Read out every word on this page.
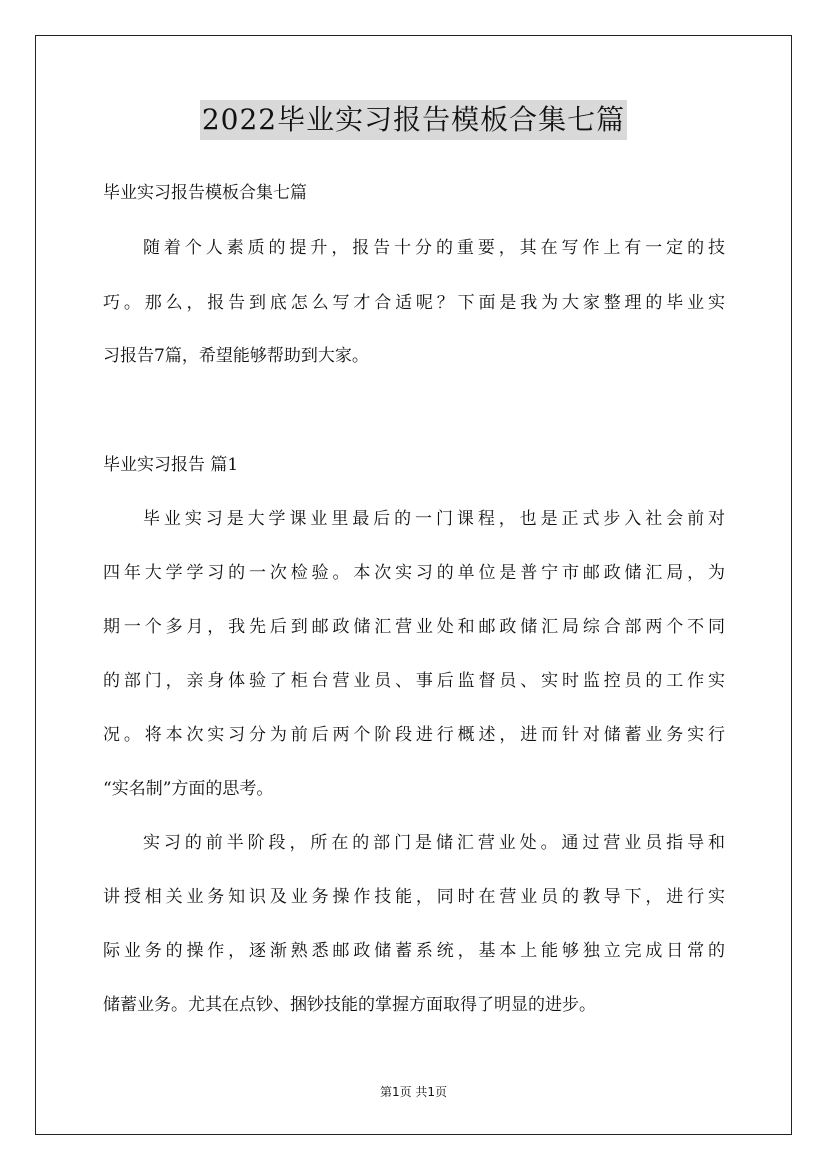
2022毕业实习报告模板合集七篇
毕业实习报告模板合集七篇
随着个人素质的提升，报告十分的重要，其在写作上有一定的技
巧。那么，报告到底怎么写才合适呢？下面是我为大家整理的毕业实
习报告7篇，希望能够帮助到大家。
毕业实习报告 篇1
毕业实习是大学课业里最后的一门课程，也是正式步入社会前对
四年大学学习的一次检验。本次实习的单位是普宁市邮政储汇局，为
期一个多月，我先后到邮政储汇营业处和邮政储汇局综合部两个不同
的部门，亲身体验了柜台营业员、事后监督员、实时监控员的工作实
况。将本次实习分为前后两个阶段进行概述，进而针对储蓄业务实行
“实名制”方面的思考。
实习的前半阶段，所在的部门是储汇营业处。通过营业员指导和
讲授相关业务知识及业务操作技能，同时在营业员的教导下，进行实
际业务的操作，逐渐熟悉邮政储蓄系统，基本上能够独立完成日常的
储蓄业务。尤其在点钞、捆钞技能的掌握方面取得了明显的进步。
第1页 共1页
